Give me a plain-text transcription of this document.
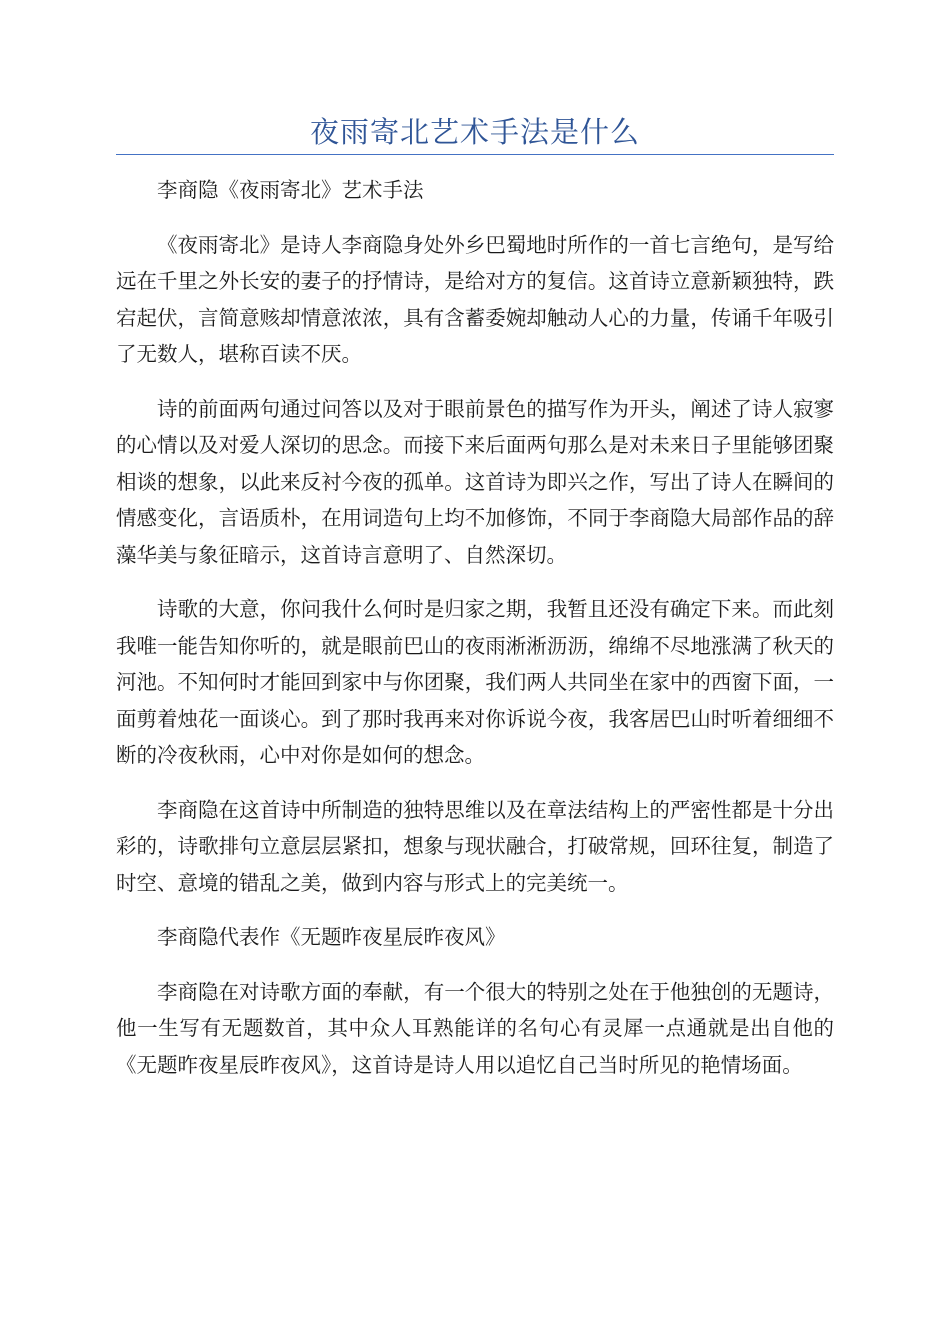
夜雨寄北艺术手法是什么

李商隐《夜雨寄北》艺术手法

《夜雨寄北》是诗人李商隐身处外乡巴蜀地时所作的一首七言绝句，是写给远在千里之外长安的妻子的抒情诗，是给对方的复信。这首诗立意新颖独特，跌宕起伏，言简意赅却情意浓浓，具有含蓄委婉却触动人心的力量，传诵千年吸引了无数人，堪称百读不厌。

诗的前面两句通过问答以及对于眼前景色的描写作为开头，阐述了诗人寂寥的心情以及对爱人深切的思念。而接下来后面两句那么是对未来日子里能够团聚相谈的想象，以此来反衬今夜的孤单。这首诗为即兴之作，写出了诗人在瞬间的情感变化，言语质朴，在用词造句上均不加修饰，不同于李商隐大局部作品的辞藻华美与象征暗示，这首诗言意明了、自然深切。

诗歌的大意，你问我什么何时是归家之期，我暂且还没有确定下来。而此刻我唯一能告知你听的，就是眼前巴山的夜雨淅淅沥沥，绵绵不尽地涨满了秋天的河池。不知何时才能回到家中与你团聚，我们两人共同坐在家中的西窗下面，一面剪着烛花一面谈心。到了那时我再来对你诉说今夜，我客居巴山时听着细细不断的冷夜秋雨，心中对你是如何的想念。

李商隐在这首诗中所制造的独特思维以及在章法结构上的严密性都是十分出彩的，诗歌排句立意层层紧扣，想象与现状融合，打破常规，回环往复，制造了时空、意境的错乱之美，做到内容与形式上的完美统一。

李商隐代表作《无题昨夜星辰昨夜风》

李商隐在对诗歌方面的奉献，有一个很大的特别之处在于他独创的无题诗，他一生写有无题数首，其中众人耳熟能详的名句心有灵犀一点通就是出自他的《无题昨夜星辰昨夜风》，这首诗是诗人用以追忆自己当时所见的艳情场面。
